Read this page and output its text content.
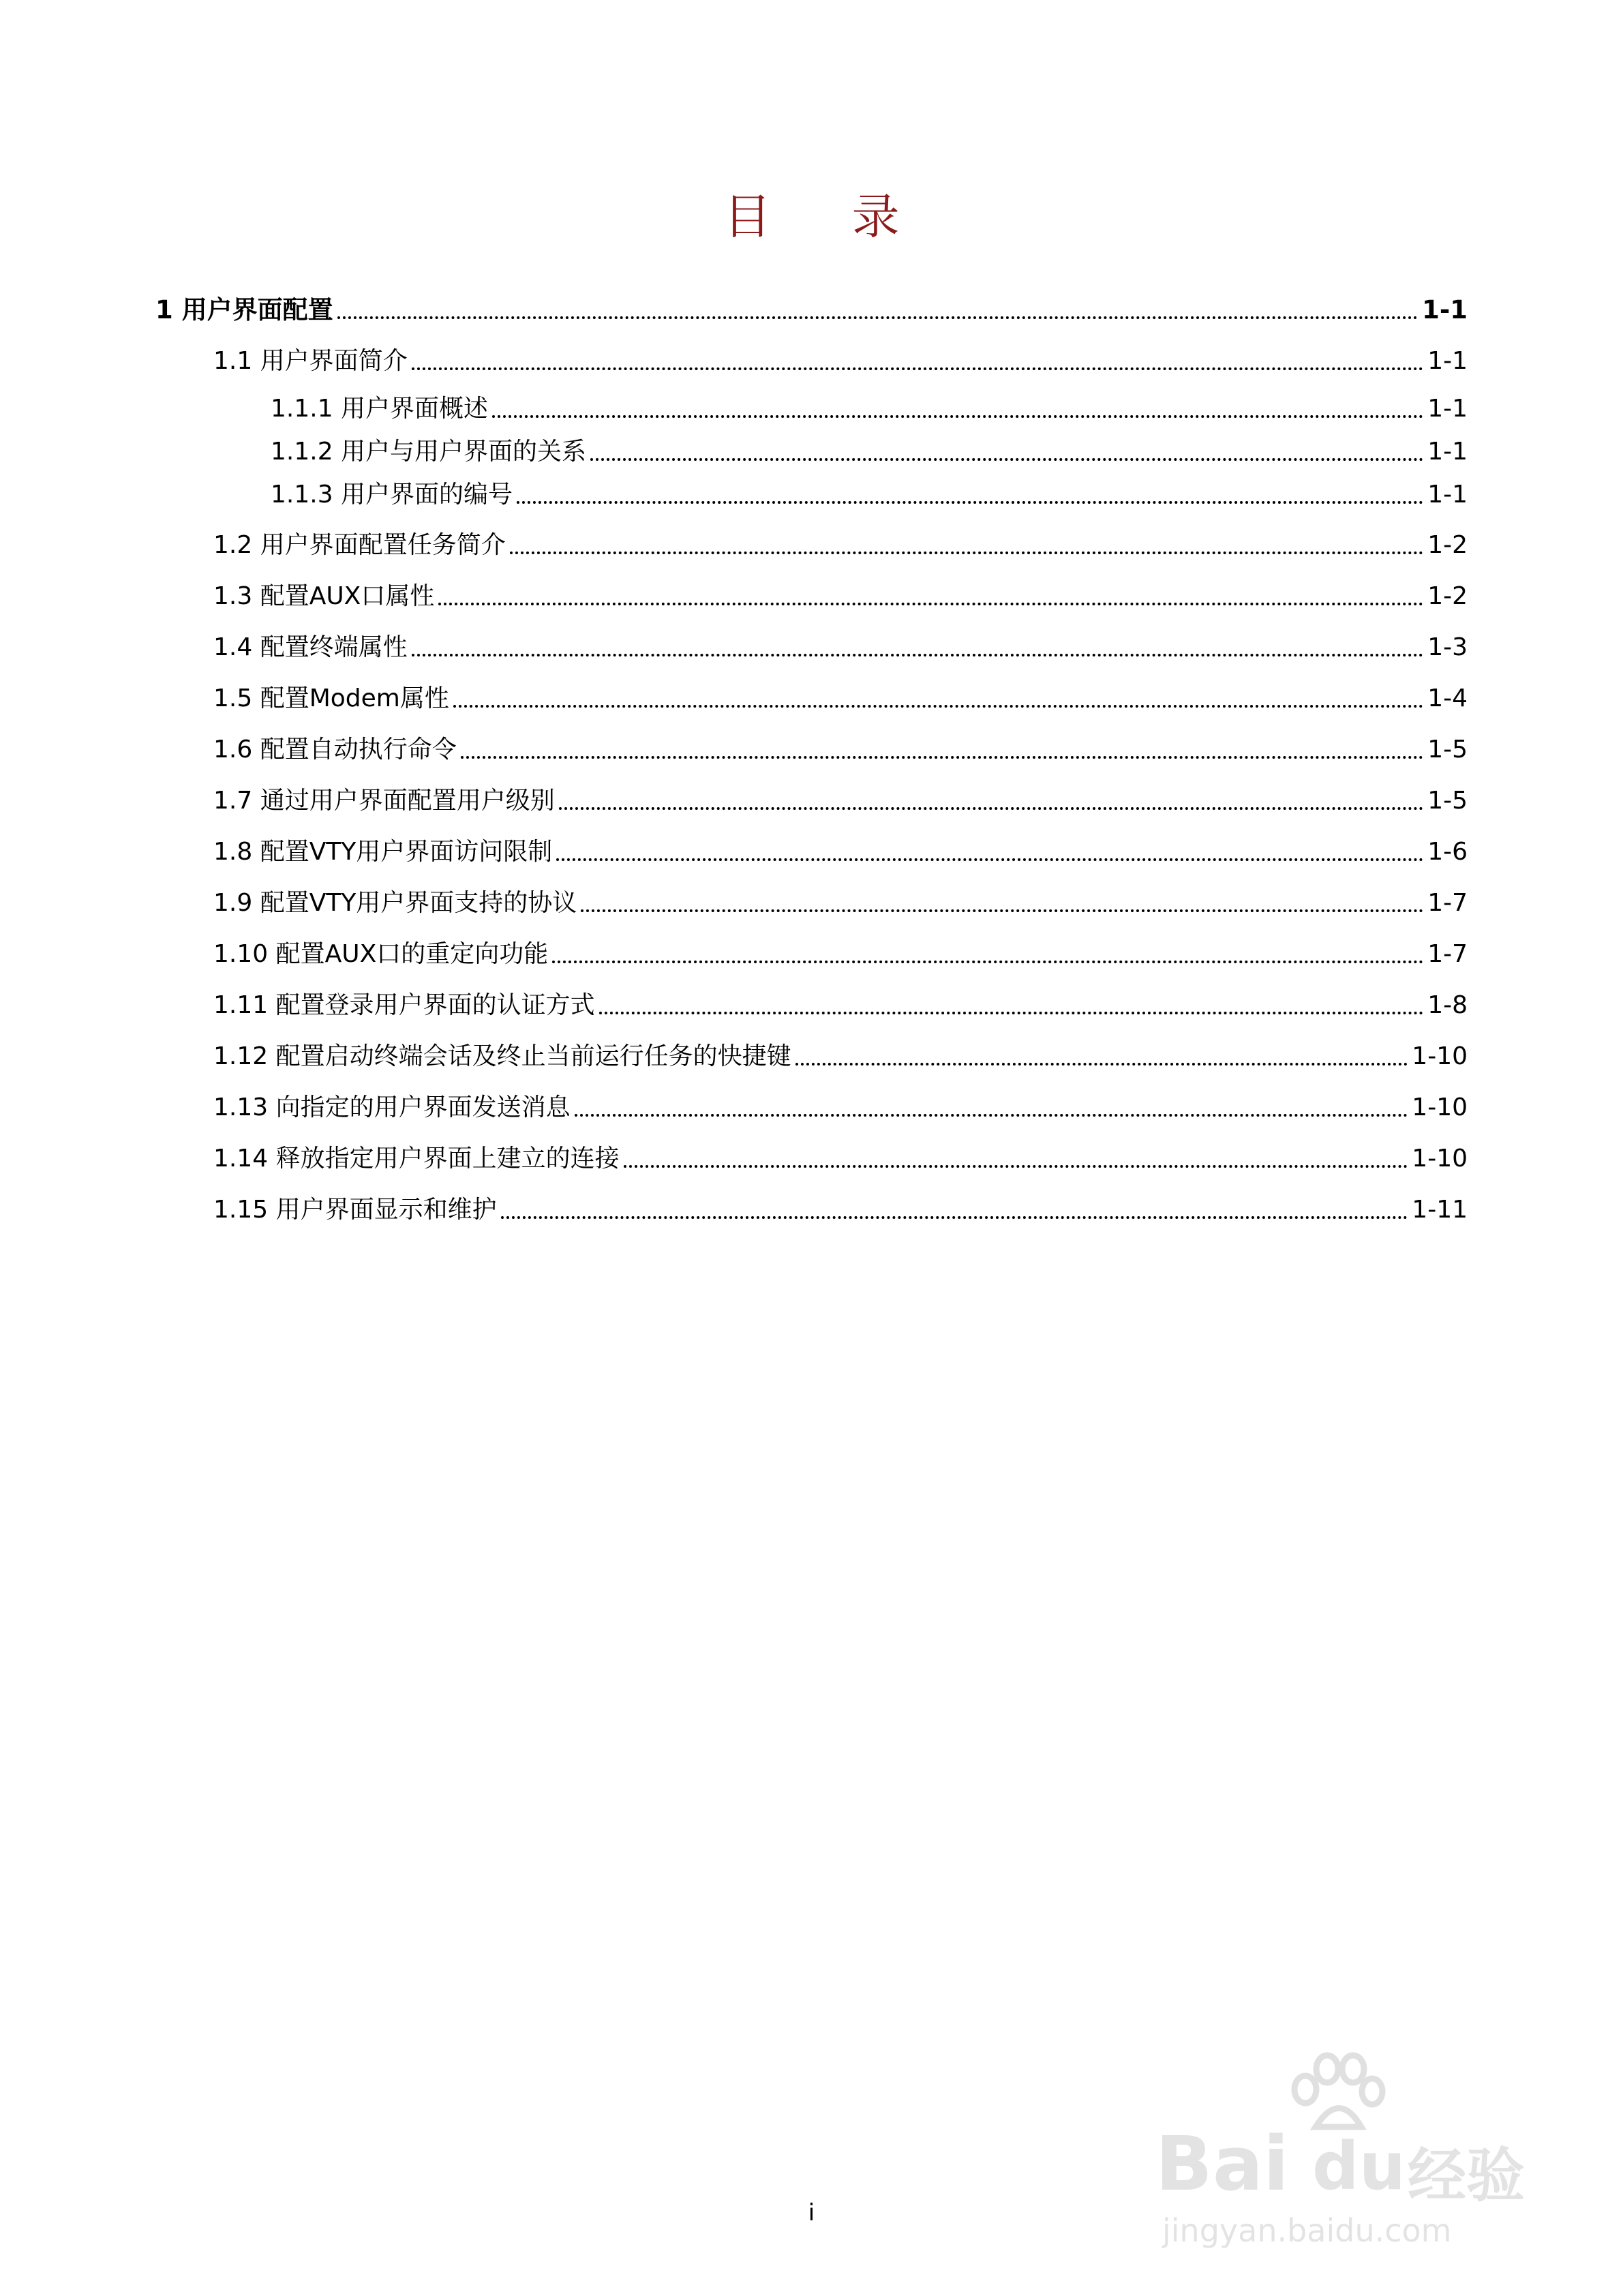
目 录
1 用户界面配置	1-1
1.1 用户界面简介	1-1
1.1.1 用户界面概述	1-1
1.1.2 用户与用户界面的关系	1-1
1.1.3 用户界面的编号	1-1
1.2 用户界面配置任务简介	1-2
1.3 配置AUX口属性	1-2
1.4 配置终端属性	1-3
1.5 配置Modem属性	1-4
1.6 配置自动执行命令	1-5
1.7 通过用户界面配置用户级别	1-5
1.8 配置VTY用户界面访问限制	1-6
1.9 配置VTY用户界面支持的协议	1-7
1.10 配置AUX口的重定向功能	1-7
1.11 配置登录用户界面的认证方式	1-8
1.12 配置启动终端会话及终止当前运行任务的快捷键	1-10
1.13 向指定的用户界面发送消息	1-10
1.14 释放指定用户界面上建立的连接	1-10
1.15 用户界面显示和维护	1-11
i
Bai du 经验
jingyan.baidu.com
